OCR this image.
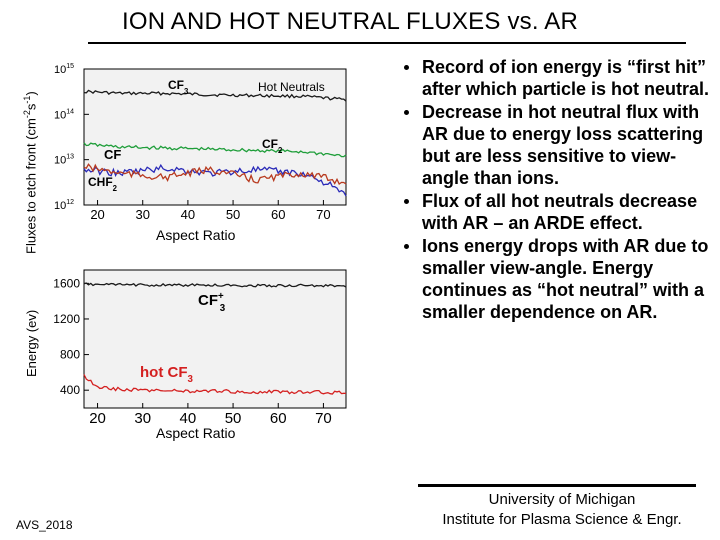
ION AND HOT NEUTRAL FLUXES vs. AR
Fluxes to etch front $(cm^{-2}s^{-1})$
Energy (ev)
$10^{12}$
$10^{13}$
$10^{14}$
$10^{15}$
20 30 40 50 60 70
Hot Neutrals
$CF_3$
$CF_2$
CF
$CHF_2$
400
800
1200
1600
20 30 40 50 60 70
CF+ 3
hot $CF_3$
Aspect Ratio
Aspect Ratio
Record of ion energy is “first hit” after which particle is hot neutral.
Decrease in hot neutral flux with AR due to energy loss scattering but are less sensitive to view-angle than ions.
Flux of all hot neutrals decrease with AR – an ARDE effect.
Ions energy drops with AR due to smaller view-angle. Energy continues as “hot neutral” with a smaller dependence on AR.
University of Michigan
Institute for Plasma Science & Engr.
AVS_2018
